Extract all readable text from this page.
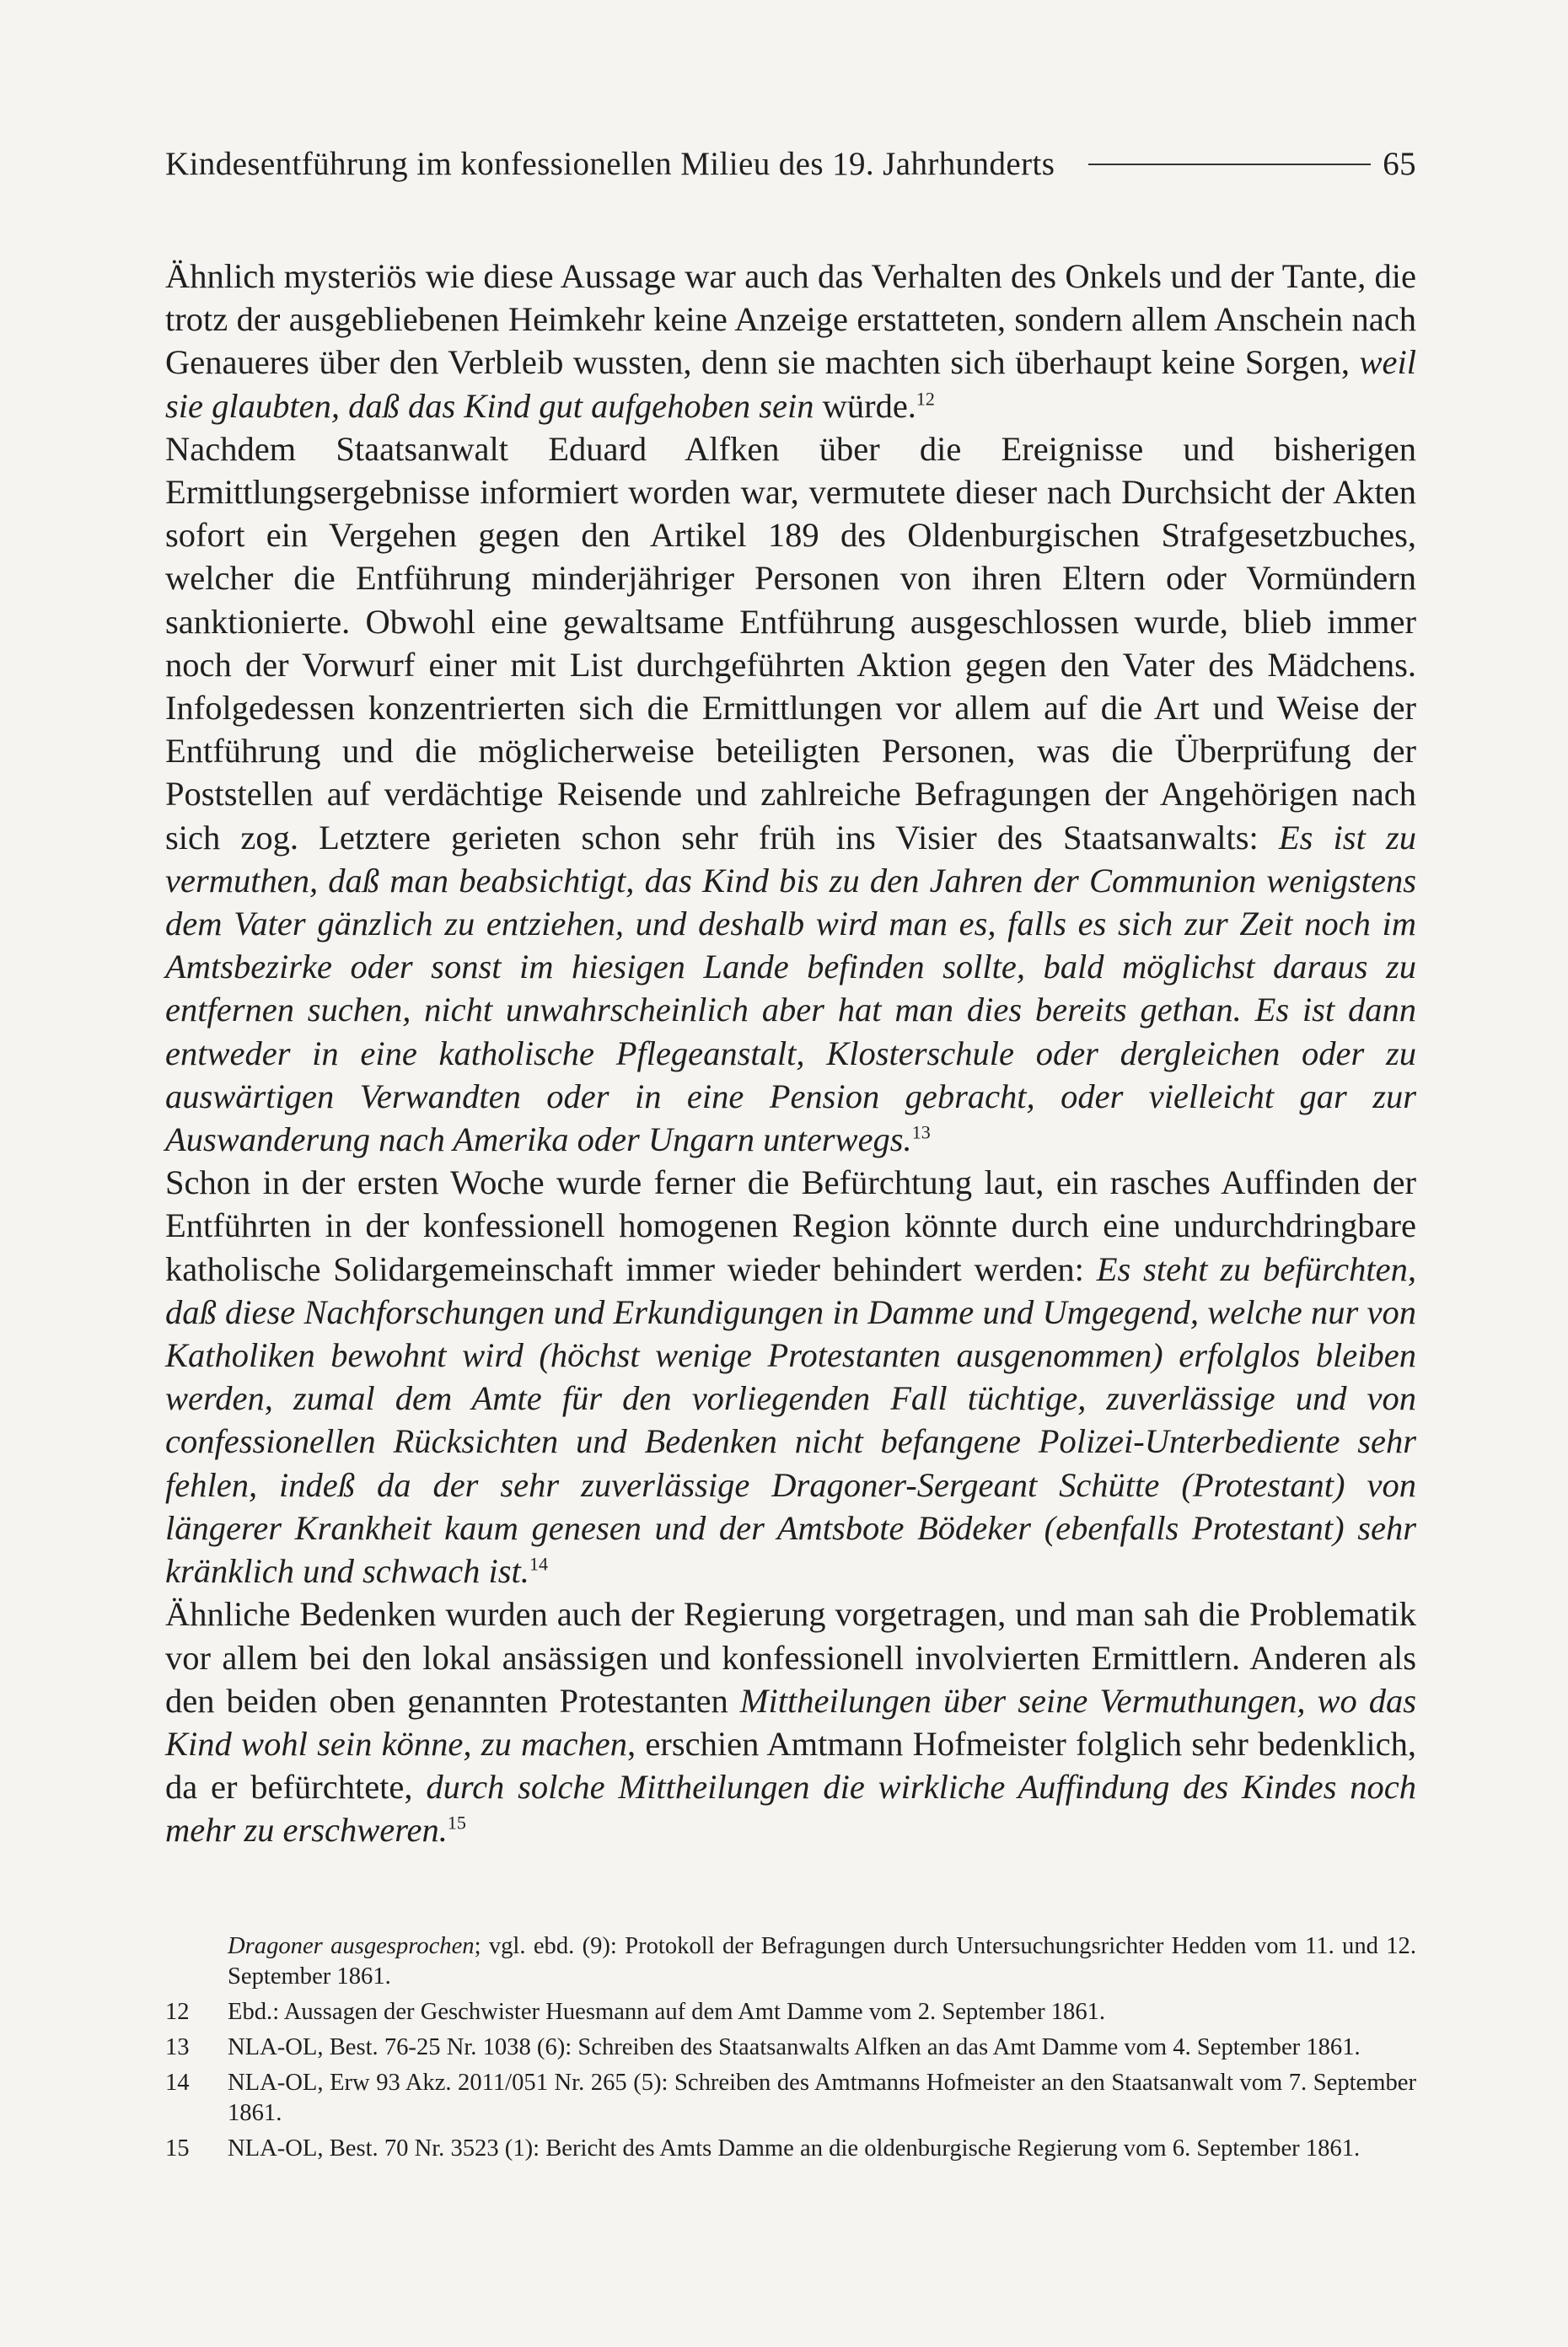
Kindesentführung im konfessionellen Milieu des 19. Jahrhunderts	65

Ähnlich mysteriös wie diese Aussage war auch das Verhalten des Onkels und der Tante, die trotz der ausgebliebenen Heimkehr keine Anzeige erstatteten, sondern allem Anschein nach Genaueres über den Verbleib wussten, denn sie machten sich überhaupt keine Sorgen, weil sie glaubten, daß das Kind gut aufgehoben sein würde.$^{12}$

Nachdem Staatsanwalt Eduard Alfken über die Ereignisse und bisherigen Ermittlungsergebnisse informiert worden war, vermutete dieser nach Durchsicht der Akten sofort ein Vergehen gegen den Artikel 189 des Oldenburgischen Strafgesetzbuches, welcher die Entführung minderjähriger Personen von ihren Eltern oder Vormündern sanktionierte. Obwohl eine gewaltsame Entführung ausgeschlossen wurde, blieb immer noch der Vorwurf einer mit List durchgeführten Aktion gegen den Vater des Mädchens. Infolgedessen konzentrierten sich die Ermittlungen vor allem auf die Art und Weise der Entführung und die möglicherweise beteiligten Personen, was die Überprüfung der Poststellen auf verdächtige Reisende und zahlreiche Befragungen der Angehörigen nach sich zog. Letztere gerieten schon sehr früh ins Visier des Staatsanwalts: Es ist zu vermuthen, daß man beabsichtigt, das Kind bis zu den Jahren der Communion wenigstens dem Vater gänzlich zu entziehen, und deshalb wird man es, falls es sich zur Zeit noch im Amtsbezirke oder sonst im hiesigen Lande befinden sollte, bald möglichst daraus zu entfernen suchen, nicht unwahrscheinlich aber hat man dies bereits gethan. Es ist dann entweder in eine katholische Pflegeanstalt, Klosterschule oder dergleichen oder zu auswärtigen Verwandten oder in eine Pension gebracht, oder vielleicht gar zur Auswanderung nach Amerika oder Ungarn unterwegs.$^{13}$

Schon in der ersten Woche wurde ferner die Befürchtung laut, ein rasches Auffinden der Entführten in der konfessionell homogenen Region könnte durch eine undurchdringbare katholische Solidargemeinschaft immer wieder behindert werden: Es steht zu befürchten, daß diese Nachforschungen und Erkundigungen in Damme und Umgegend, welche nur von Katholiken bewohnt wird (höchst wenige Protestanten ausgenommen) erfolglos bleiben werden, zumal dem Amte für den vorliegenden Fall tüchtige, zuverlässige und von confessionellen Rücksichten und Bedenken nicht befangene Polizei-Unterbediente sehr fehlen, indeß da der sehr zuverlässige Dragoner-Sergeant Schütte (Protestant) von längerer Krankheit kaum genesen und der Amtsbote Bödeker (ebenfalls Protestant) sehr kränklich und schwach ist.$^{14}$

Ähnliche Bedenken wurden auch der Regierung vorgetragen, und man sah die Problematik vor allem bei den lokal ansässigen und konfessionell involvierten Ermittlern. Anderen als den beiden oben genannten Protestanten Mittheilungen über seine Vermuthungen, wo das Kind wohl sein könne, zu machen, erschien Amtmann Hofmeister folglich sehr bedenklich, da er befürchtete, durch solche Mittheilungen die wirkliche Auffindung des Kindes noch mehr zu erschweren.$^{15}$

Dragoner ausgesprochen; vgl. ebd. (9): Protokoll der Befragungen durch Untersuchungsrichter Hedden vom 11. und 12. September 1861.
12	Ebd.: Aussagen der Geschwister Huesmann auf dem Amt Damme vom 2. September 1861.
13	NLA-OL, Best. 76-25 Nr. 1038 (6): Schreiben des Staatsanwalts Alfken an das Amt Damme vom 4. September 1861.
14	NLA-OL, Erw 93 Akz. 2011/051 Nr. 265 (5): Schreiben des Amtmanns Hofmeister an den Staatsanwalt vom 7. September 1861.
15	NLA-OL, Best. 70 Nr. 3523 (1): Bericht des Amts Damme an die oldenburgische Regierung vom 6. September 1861.
